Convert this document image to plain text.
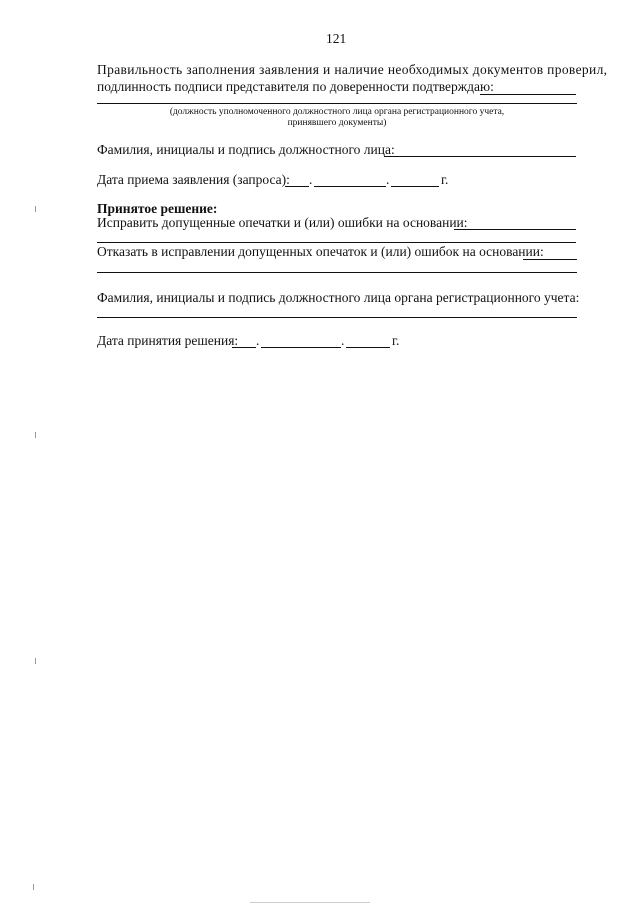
121
Правильность заполнения заявления и наличие необходимых документов проверил,
подлинность подписи представителя по доверенности подтверждаю:
(должность уполномоченного должностного лица органа регистрационного учета,
принявшего документы)
Фамилия, инициалы и подпись должностного лица:
Дата приема заявления (запроса): .	.	г.
Принятое решение:
Исправить допущенные опечатки и (или) ошибки на основании:
Отказать в исправлении допущенных опечаток и (или) ошибок на основании:
Фамилия, инициалы и подпись должностного лица органа регистрационного учета:
Дата принятия решения: .	.	г.
